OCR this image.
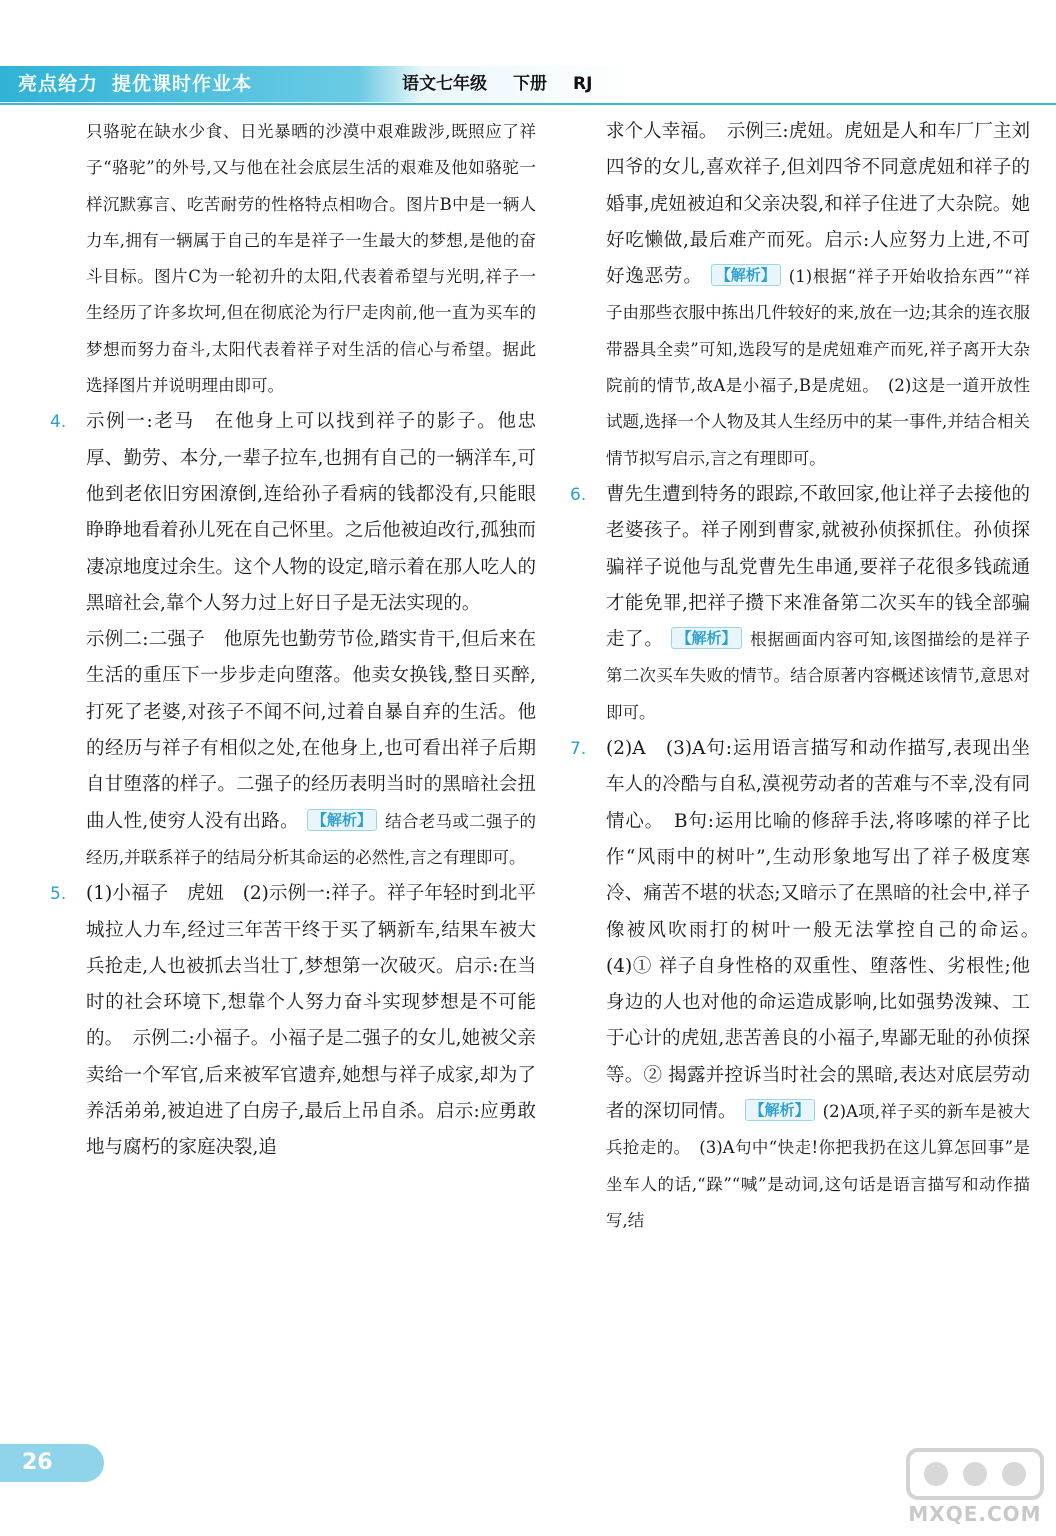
亮点给力 提优课时作业本	语文七年级 下册 RJ

只骆驼在缺水少食、日光暴晒的沙漠中艰难跋涉,既照应了祥子“骆驼”的外号,又与他在社会底层生活的艰难及他如骆驼一样沉默寡言、吃苦耐劳的性格特点相吻合。图片B中是一辆人力车,拥有一辆属于自己的车是祥子一生最大的梦想,是他的奋斗目标。图片C为一轮初升的太阳,代表着希望与光明,祥子一生经历了许多坎坷,但在彻底沦为行尸走肉前,他一直为买车的梦想而努力奋斗,太阳代表着祥子对生活的信心与希望。据此选择图片并说明理由即可。

4. 示例一:老马　在他身上可以找到祥子的影子。他忠厚、勤劳、本分,一辈子拉车,也拥有自己的一辆洋车,可他到老依旧穷困潦倒,连给孙子看病的钱都没有,只能眼睁睁地看着孙儿死在自己怀里。之后他被迫改行,孤独而凄凉地度过余生。这个人物的设定,暗示着在那人吃人的黑暗社会,靠个人努力过上好日子是无法实现的。

示例二:二强子　他原先也勤劳节俭,踏实肯干,但后来在生活的重压下一步步走向堕落。他卖女换钱,整日买醉,打死了老婆,对孩子不闻不问,过着自暴自弃的生活。他的经历与祥子有相似之处,在他身上,也可看出祥子后期自甘堕落的样子。二强子的经历表明当时的黑暗社会扭曲人性,使穷人没有出路。 【解析】 结合老马或二强子的经历,并联系祥子的结局分析其命运的必然性,言之有理即可。

5. (1)小福子　虎妞　(2)示例一:祥子。祥子年轻时到北平城拉人力车,经过三年苦干终于买了辆新车,结果车被大兵抢走,人也被抓去当壮丁,梦想第一次破灭。启示:在当时的社会环境下,想靠个人努力奋斗实现梦想是不可能的。　示例二:小福子。小福子是二强子的女儿,她被父亲卖给一个军官,后来被军官遗弃,她想与祥子成家,却为了养活弟弟,被迫进了白房子,最后上吊自杀。启示:应勇敢地与腐朽的家庭决裂,追

求个人幸福。　示例三:虎妞。虎妞是人和车厂厂主刘四爷的女儿,喜欢祥子,但刘四爷不同意虎妞和祥子的婚事,虎妞被迫和父亲决裂,和祥子住进了大杂院。她好吃懒做,最后难产而死。启示:人应努力上进,不可好逸恶劳。 【解析】 (1)根据“祥子开始收拾东西”“祥子由那些衣服中拣出几件较好的来,放在一边;其余的连衣服带器具全卖”可知,选段写的是虎妞难产而死,祥子离开大杂院前的情节,故A是小福子,B是虎妞。　(2)这是一道开放性试题,选择一个人物及其人生经历中的某一事件,并结合相关情节拟写启示,言之有理即可。

6. 曹先生遭到特务的跟踪,不敢回家,他让祥子去接他的老婆孩子。祥子刚到曹家,就被孙侦探抓住。孙侦探骗祥子说他与乱党曹先生串通,要祥子花很多钱疏通才能免罪,把祥子攒下来准备第二次买车的钱全部骗走了。 【解析】 根据画面内容可知,该图描绘的是祥子第二次买车失败的情节。结合原著内容概述该情节,意思对即可。

7. (2)A　(3)A句:运用语言描写和动作描写,表现出坐车人的冷酷与自私,漠视劳动者的苦难与不幸,没有同情心。　B句:运用比喻的修辞手法,将哆嗦的祥子比作“风雨中的树叶”,生动形象地写出了祥子极度寒冷、痛苦不堪的状态;又暗示了在黑暗的社会中,祥子像被风吹雨打的树叶一般无法掌控自己的命运。　(4)① 祥子自身性格的双重性、堕落性、劣根性;他身边的人也对他的命运造成影响,比如强势泼辣、工于心计的虎妞,悲苦善良的小福子,卑鄙无耻的孙侦探等。② 揭露并控诉当时社会的黑暗,表达对底层劳动者的深切同情。 【解析】 (2)A项,祥子买的新车是被大兵抢走的。　(3)A句中“快走!你把我扔在这儿算怎回事”是坐车人的话,“跺”“喊”是动词,这句话是语言描写和动作描写,结

26
MXQE.COM
